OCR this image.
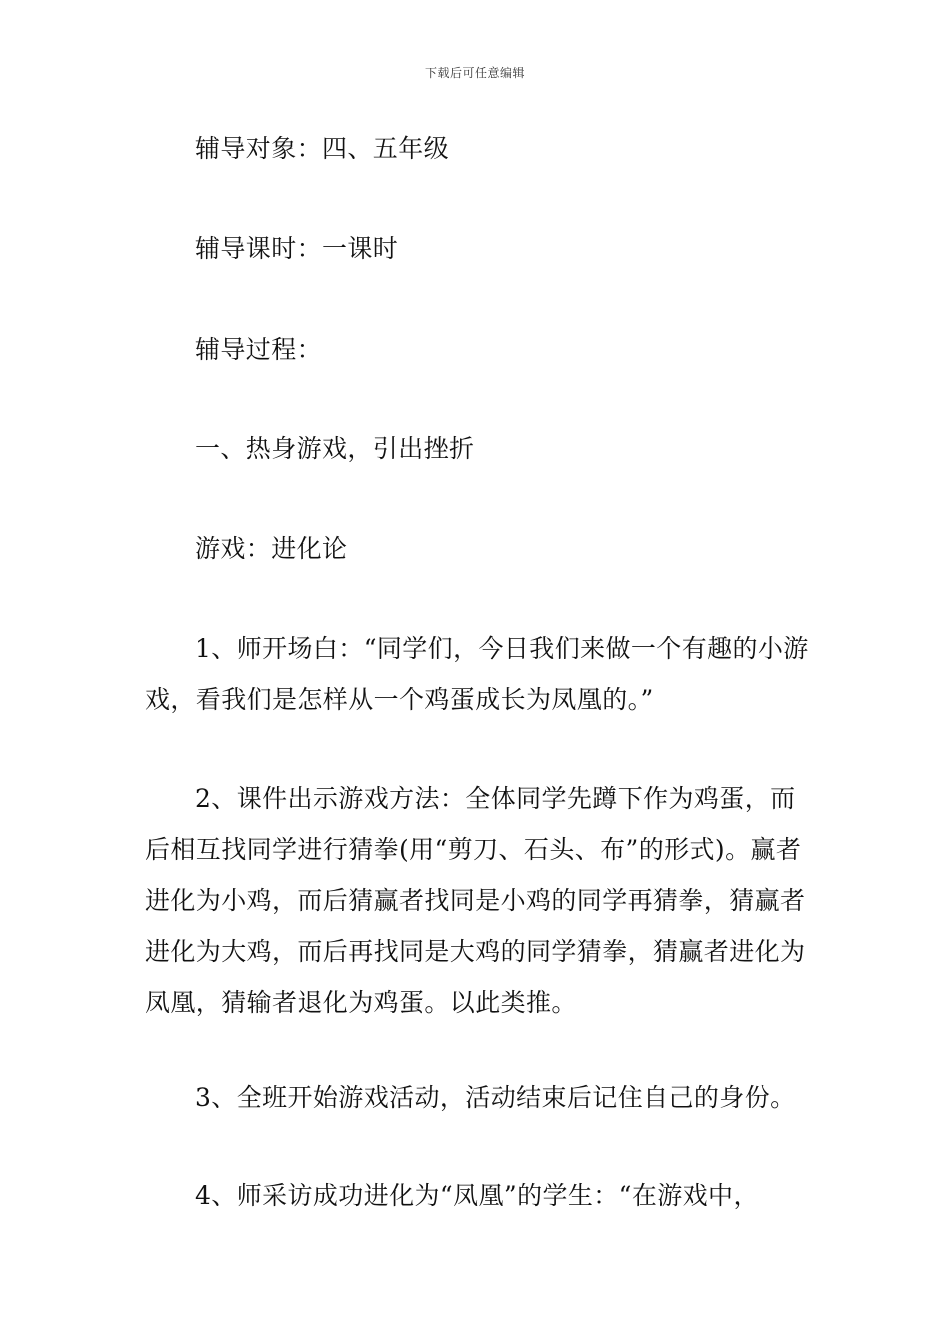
下载后可任意编辑

辅导对象：四、五年级

辅导课时：一课时

辅导过程：

一、热身游戏，引出挫折

游戏：进化论

1、师开场白：“同学们，今日我们来做一个有趣的小游戏，看我们是怎样从一个鸡蛋成长为凤凰的。”

2、课件出示游戏方法：全体同学先蹲下作为鸡蛋，而后相互找同学进行猜拳(用“剪刀、石头、布”的形式)。赢者进化为小鸡，而后猜赢者找同是小鸡的同学再猜拳，猜赢者进化为大鸡，而后再找同是大鸡的同学猜拳，猜赢者进化为凤凰，猜输者退化为鸡蛋。以此类推。

3、全班开始游戏活动，活动结束后记住自己的身份。

4、师采访成功进化为“凤凰”的学生：“在游戏中，
